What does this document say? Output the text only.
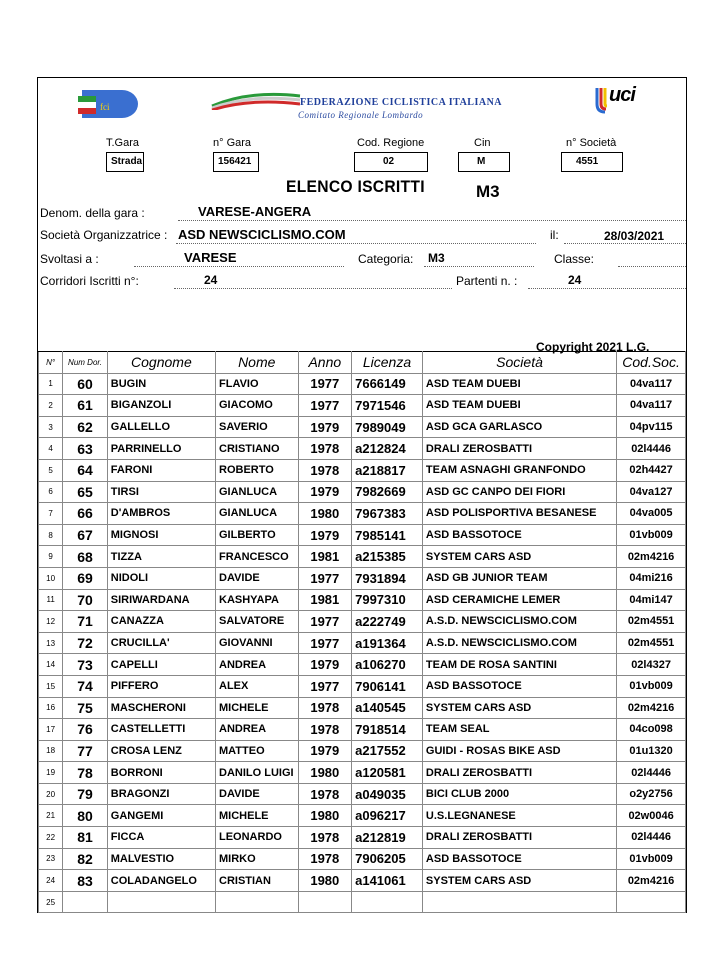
fci	FEDERAZIONE CICLISTICA ITALIANA
Comitato Regionale Lombardo
uci
T.Gara
Strada
n° Gara
156421
Cod. Regione
02
Cin
M
n° Società
4551
ELENCO ISCRITTI	M3
Denom. della gara :	VARESE-ANGERA
Società Organizzatrice : ASD NEWSCICLISMO.COM	il:	28/03/2021
Svoltasi a :	VARESE	Categoria: M3	Classe:
Corridori Iscritti n°:	24	Partenti n. :	24
Copyright 2021 L.G.
N°	Num Dor.	Cognome	Nome	Anno	Licenza	Società	Cod.Soc.
1	60	BUGIN	FLAVIO	1977	7666149	ASD TEAM DUEBI	04va117
2	61	BIGANZOLI	GIACOMO	1977	7971546	ASD TEAM DUEBI	04va117
3	62	GALLELLO	SAVERIO	1979	7989049	ASD GCA GARLASCO	04pv115
4	63	PARRINELLO	CRISTIANO	1978	a212824	DRALI ZEROSBATTI	02l4446
5	64	FARONI	ROBERTO	1978	a218817	TEAM ASNAGHI GRANFONDO	02h4427
6	65	TIRSI	GIANLUCA	1979	7982669	ASD GC CANPO DEI FIORI	04va127
7	66	D'AMBROS	GIANLUCA	1980	7967383	ASD POLISPORTIVA BESANESE	04va005
8	67	MIGNOSI	GILBERTO	1979	7985141	ASD BASSOTOCE	01vb009
9	68	TIZZA	FRANCESCO	1981	a215385	SYSTEM CARS ASD	02m4216
10	69	NIDOLI	DAVIDE	1977	7931894	ASD GB JUNIOR TEAM	04mi216
11	70	SIRIWARDANA	KASHYAPA	1981	7997310	ASD CERAMICHE LEMER	04mi147
12	71	CANAZZA	SALVATORE	1977	a222749	A.S.D. NEWSCICLISMO.COM	02m4551
13	72	CRUCILLA'	GIOVANNI	1977	a191364	A.S.D. NEWSCICLISMO.COM	02m4551
14	73	CAPELLI	ANDREA	1979	a106270	TEAM DE ROSA SANTINI	02l4327
15	74	PIFFERO	ALEX	1977	7906141	ASD BASSOTOCE	01vb009
16	75	MASCHERONI	MICHELE	1978	a140545	SYSTEM CARS ASD	02m4216
17	76	CASTELLETTI	ANDREA	1978	7918514	TEAM SEAL	04co098
18	77	CROSA LENZ	MATTEO	1979	a217552	GUIDI - ROSAS BIKE ASD	01u1320
19	78	BORRONI	DANILO LUIGI	1980	a120581	DRALI ZEROSBATTI	02l4446
20	79	BRAGONZI	DAVIDE	1978	a049035	BICI CLUB 2000	o2y2756
21	80	GANGEMI	MICHELE	1980	a096217	U.S.LEGNANESE	02w0046
22	81	FICCA	LEONARDO	1978	a212819	DRALI ZEROSBATTI	02l4446
23	82	MALVESTIO	MIRKO	1978	7906205	ASD BASSOTOCE	01vb009
24	83	COLADANGELO	CRISTIAN	1980	a141061	SYSTEM CARS ASD	02m4216
25							
